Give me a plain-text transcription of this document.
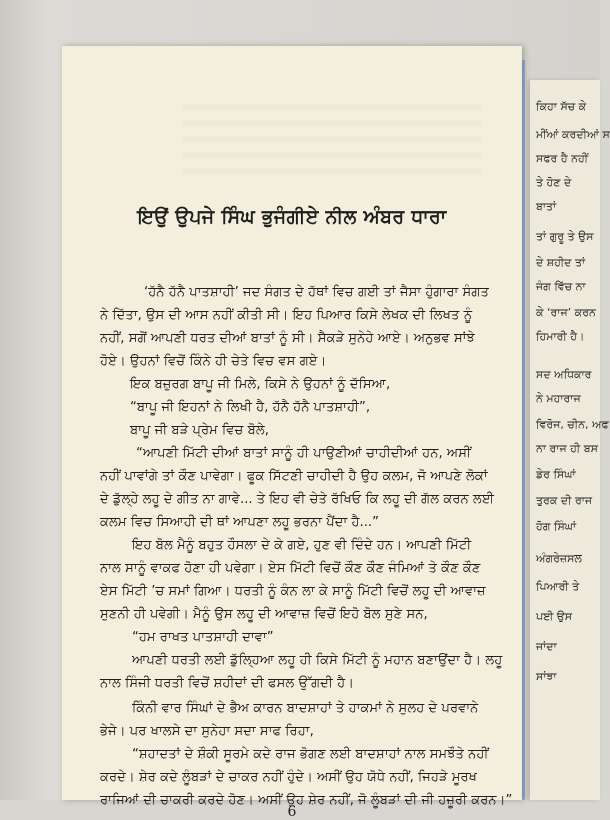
ਕਿਹਾ ਸੱਚ ਕੇ
ਮੀਂਆਂ ਕਰਦੀਆਂ ਸ
ਸਫਰ ਹੈ ਨਹੀਂ
ਤੇ ਹੋਣ ਦੇ
ਬਾਤਾਂ
ਤਾਂ ਗੁਰੂ ਤੇ ਉਸ
ਦੇ ਸ਼ਹੀਦ ਤਾਂ
ਜੰਗ ਵਿੱਚ ਨਾ
ਕੇ ‘ਰਾਜ’ ਕਰਨ
ਹਿਮਾਰੀ ਹੈ।
ਸਦ ਅਧਿਕਾਰ
ਨੇ ਮਹਾਰਾਜ
ਵਿਰੋਜ, ਚੀਨ, ਅਫ
ਨਾ ਰਾਜ ਹੀ ਬਸ
ਡੇਰ ਸਿੰਘਾਂ
ਤੁਰਕ ਦੀ ਰਾਜ
ਹੋਗ ਸਿੰਘਾਂ
ਅੰਗਰੇਜ਼ਸਲ
ਪਿਆਰੀ ਤੇ
ਪਈ ਉਸ
ਜਾਂਦਾ
ਸਾਂਝਾ
ਇਉਂ ਉਪਜੇ ਸਿੰਘ ਭੁਜੰਗੀਏ ਨੀਲ ਅੰਬਰ ਧਾਰਾ
‘ਹੱਨੈ ਹੱਨੈ ਪਾਤਸ਼ਾਹੀ’ ਜਦ ਸੰਗਤ ਦੇ ਹੱਥਾਂ ਵਿਚ ਗਈ ਤਾਂ ਜੈਸਾ ਹੁੰਗਾਰਾ ਸੰਗਤ
ਨੇ ਦਿੱਤਾ, ਉਸ ਦੀ ਆਸ ਨਹੀਂ ਕੀਤੀ ਸੀ। ਇਹ ਪਿਆਰ ਕਿਸੇ ਲੇਖਕ ਦੀ ਲਿਖਤ ਨੂੰ
ਨਹੀਂ, ਸਗੋਂ ਆਪਣੀ ਧਰਤ ਦੀਆਂ ਬਾਤਾਂ ਨੂੰ ਸੀ। ਸੈਕੜੇ ਸੁਨੇਹੇ ਆਏ। ਅਨੁਭਵ ਸਾਂਝੇ
ਹੋਏ। ਉਹਨਾਂ ਵਿਚੋਂ ਕਿੰਨੇ ਹੀ ਚੇਤੇ ਵਿਚ ਵਸ ਗਏ।
ਇਕ ਬਜ਼ੁਰਗ ਬਾਪੂ ਜੀ ਮਿਲੇ, ਕਿਸੇ ਨੇ ਉਹਨਾਂ ਨੂੰ ਦੱਸਿਆ,
“ਬਾਪੂ ਜੀ ਇਹਨਾਂ ਨੇ ਲਿਖੀ ਹੈ, ਹੱਨੈ ਹੱਨੈ ਪਾਤਸ਼ਾਹੀ”,
ਬਾਪੂ ਜੀ ਬੜੇ ਪ੍ਰੇਮ ਵਿਚ ਬੋਲੇ,
“ਆਪਣੀ ਮਿੱਟੀ ਦੀਆਂ ਬਾਤਾਂ ਸਾਨੂੰ ਹੀ ਪਾਉਣੀਆਂ ਚਾਹੀਦੀਆਂ ਹਨ, ਅਸੀਂ
ਨਹੀਂ ਪਾਵਾਂਗੇ ਤਾਂ ਕੌਣ ਪਾਵੇਗਾ। ਫੂਕ ਸਿੱਟਣੀ ਚਾਹੀਦੀ ਹੈ ਉਹ ਕਲਮ, ਜੋ ਆਪਣੇ ਲੋਕਾਂ
ਦੇ ਡੁੱਲ੍ਹੇ ਲਹੂ ਦੇ ਗੀਤ ਨਾ ਗਾਵੇ... ਤੇ ਇਹ ਵੀ ਚੇਤੇ ਰੱਖਿਓ ਕਿ ਲਹੂ ਦੀ ਗੱਲ ਕਰਨ ਲਈ
ਕਲਮ ਵਿਚ ਸਿਆਹੀ ਦੀ ਥਾਂ ਆਪਣਾ ਲਹੂ ਭਰਨਾ ਪੈਂਦਾ ਹੈ...”
ਇਹ ਬੋਲ ਮੈਨੂੰ ਬਹੁਤ ਹੌਸਲਾ ਦੇ ਕੇ ਗਏ, ਹੁਣ ਵੀ ਦਿੰਦੇ ਹਨ। ਆਪਣੀ ਮਿੱਟੀ
ਨਾਲ ਸਾਨੂੰ ਵਾਕਫ ਹੋਣਾ ਹੀ ਪਵੇਗਾ। ਏਸ ਮਿੱਟੀ ਵਿਚੋਂ ਕੌਣ ਕੌਣ ਜੰਮਿਆਂ ਤੇ ਕੌਣ ਕੌਣ
ਏਸ ਮਿੱਟੀ ’ਚ ਸਮਾਂ ਗਿਆ। ਧਰਤੀ ਨੂੰ ਕੰਨ ਲਾ ਕੇ ਸਾਨੂੰ ਮਿੱਟੀ ਵਿਚੋਂ ਲਹੂ ਦੀ ਆਵਾਜ਼
ਸੁਣਨੀ ਹੀ ਪਵੇਗੀ। ਮੈਨੂੰ ਉਸ ਲਹੂ ਦੀ ਆਵਾਜ਼ ਵਿਚੋਂ ਇਹੋ ਬੋਲ ਸੁਣੇ ਸਨ,
“ਹਮ ਰਾਖਤ ਪਾਤਸ਼ਾਹੀ ਦਾਵਾ”
ਆਪਣੀ ਧਰਤੀ ਲਈ ਡੁੱਲ੍ਹਿਆ ਲਹੂ ਹੀ ਕਿਸੇ ਮਿੱਟੀ ਨੂੰ ਮਹਾਨ ਬਣਾਉਂਦਾ ਹੈ। ਲਹੂ
ਨਾਲ ਸਿੰਜੀ ਧਰਤੀ ਵਿਚੋਂ ਸ਼ਹੀਦਾਂ ਦੀ ਫਸਲ ਉੱਗਦੀ ਹੈ।
ਕਿੰਨੀ ਵਾਰ ਸਿੰਘਾਂ ਦੇ ਭੈਅ ਕਾਰਨ ਬਾਦਸ਼ਾਹਾਂ ਤੇ ਹਾਕਮਾਂ ਨੇ ਸੁਲਹ ਦੇ ਪਰਵਾਨੇ
ਭੇਜੇ। ਪਰ ਖਾਲਸੇ ਦਾ ਸੁਨੇਹਾ ਸਦਾ ਸਾਫ ਰਿਹਾ,
“ਸ਼ਹਾਦਤਾਂ ਦੇ ਸ਼ੌਕੀ ਸੂਰਮੇ ਕਦੇ ਰਾਜ ਭੋਗਣ ਲਈ ਬਾਦਸ਼ਾਹਾਂ ਨਾਲ ਸਮਝੌਤੇ ਨਹੀਂ
ਕਰਦੇ। ਸ਼ੇਰ ਕਦੇ ਲੂੰਬੜਾਂ ਦੇ ਚਾਕਰ ਨਹੀਂ ਹੁੰਦੇ। ਅਸੀਂ ਉਹ ਯੋਧੇ ਨਹੀਂ, ਜਿਹੜੇ ਮੂਰਖ
ਰਾਜਿਆਂ ਦੀ ਚਾਕਰੀ ਕਰਦੇ ਹੋਣ। ਅਸੀਂ ਉਹ ਸ਼ੇਰ ਨਹੀਂ, ਜੋ ਲੂੰਬੜਾਂ ਦੀ ਜੀ ਹਜ਼ੂਰੀ ਕਰਨ।”
6
